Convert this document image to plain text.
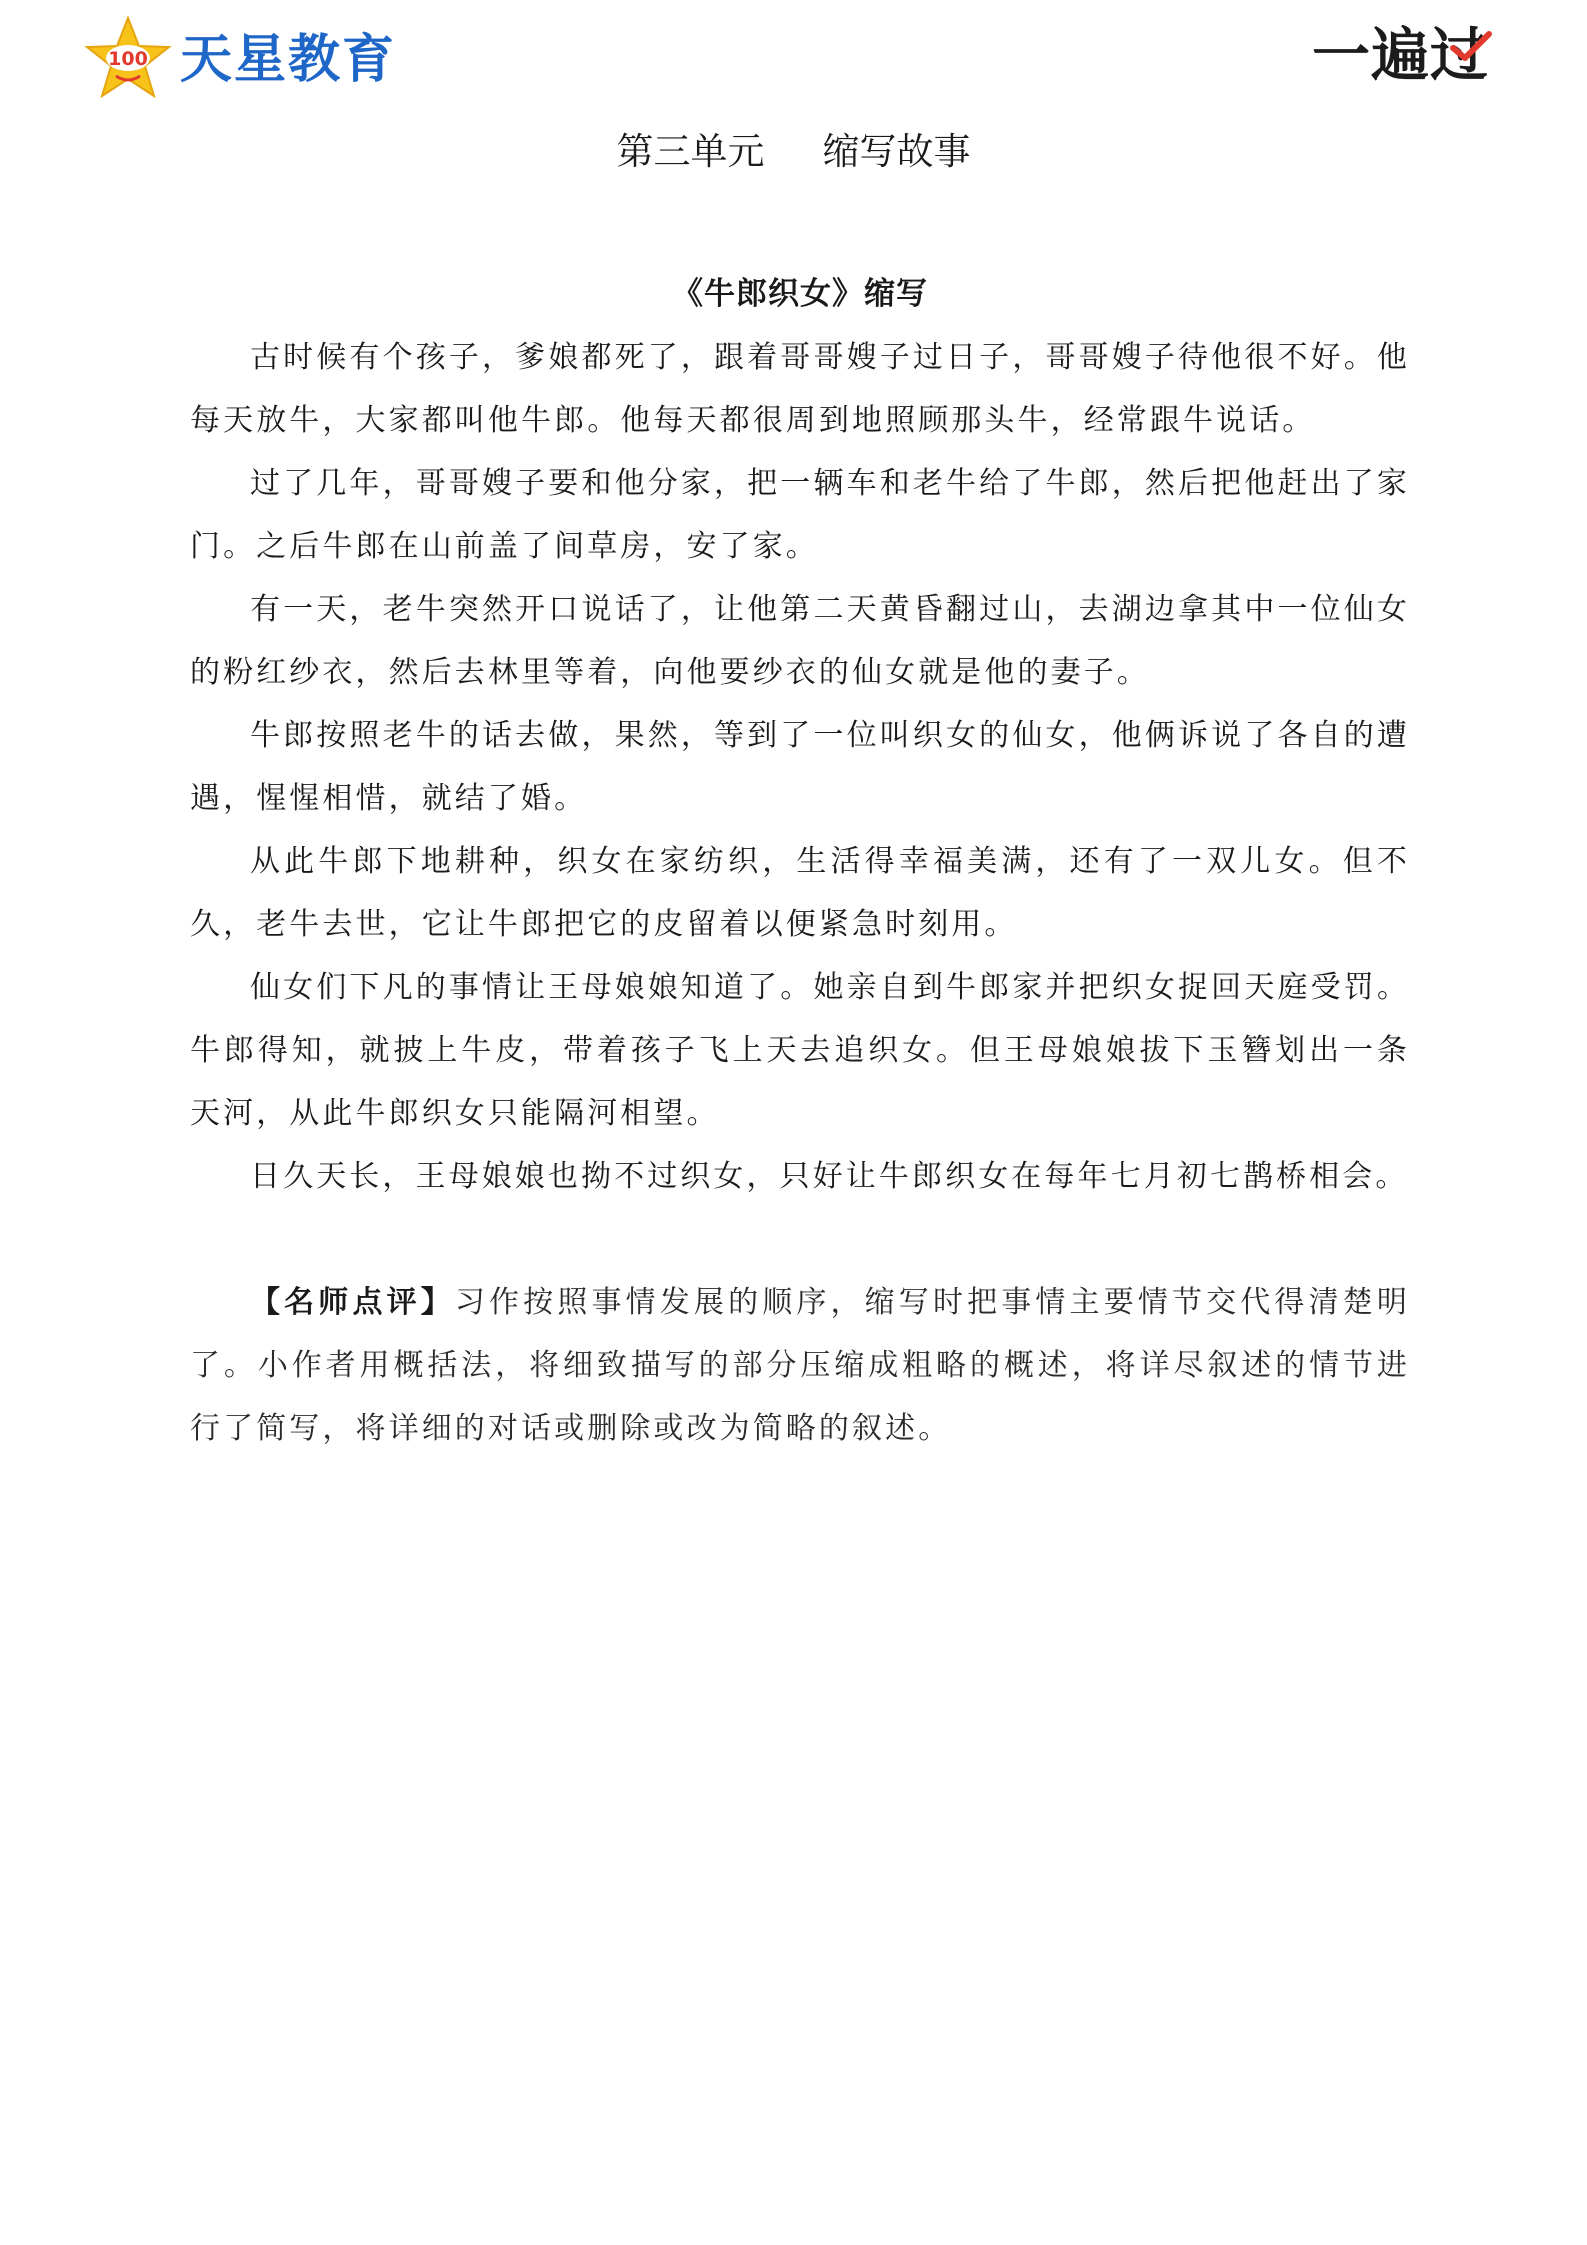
100 天星教育	一遍过
第三单元 缩写故事

《牛郎织女》缩写

古时候有个孩子，爹娘都死了，跟着哥哥嫂子过日子，哥哥嫂子待他很不好。他每天放牛，大家都叫他牛郎。他每天都很周到地照顾那头牛，经常跟牛说话。

过了几年，哥哥嫂子要和他分家，把一辆车和老牛给了牛郎，然后把他赶出了家门。之后牛郎在山前盖了间草房，安了家。

有一天，老牛突然开口说话了，让他第二天黄昏翻过山，去湖边拿其中一位仙女的粉红纱衣，然后去林里等着，向他要纱衣的仙女就是他的妻子。

牛郎按照老牛的话去做，果然，等到了一位叫织女的仙女，他俩诉说了各自的遭遇，惺惺相惜，就结了婚。

从此牛郎下地耕种，织女在家纺织，生活得幸福美满，还有了一双儿女。但不久，老牛去世，它让牛郎把它的皮留着以便紧急时刻用。

仙女们下凡的事情让王母娘娘知道了。她亲自到牛郎家并把织女捉回天庭受罚。牛郎得知，就披上牛皮，带着孩子飞上天去追织女。但王母娘娘拔下玉簪划出一条天河，从此牛郎织女只能隔河相望。

日久天长，王母娘娘也拗不过织女，只好让牛郎织女在每年七月初七鹊桥相会。

【名师点评】习作按照事情发展的顺序，缩写时把事情主要情节交代得清楚明了。小作者用概括法，将细致描写的部分压缩成粗略的概述，将详尽叙述的情节进行了简写，将详细的对话或删除或改为简略的叙述。
